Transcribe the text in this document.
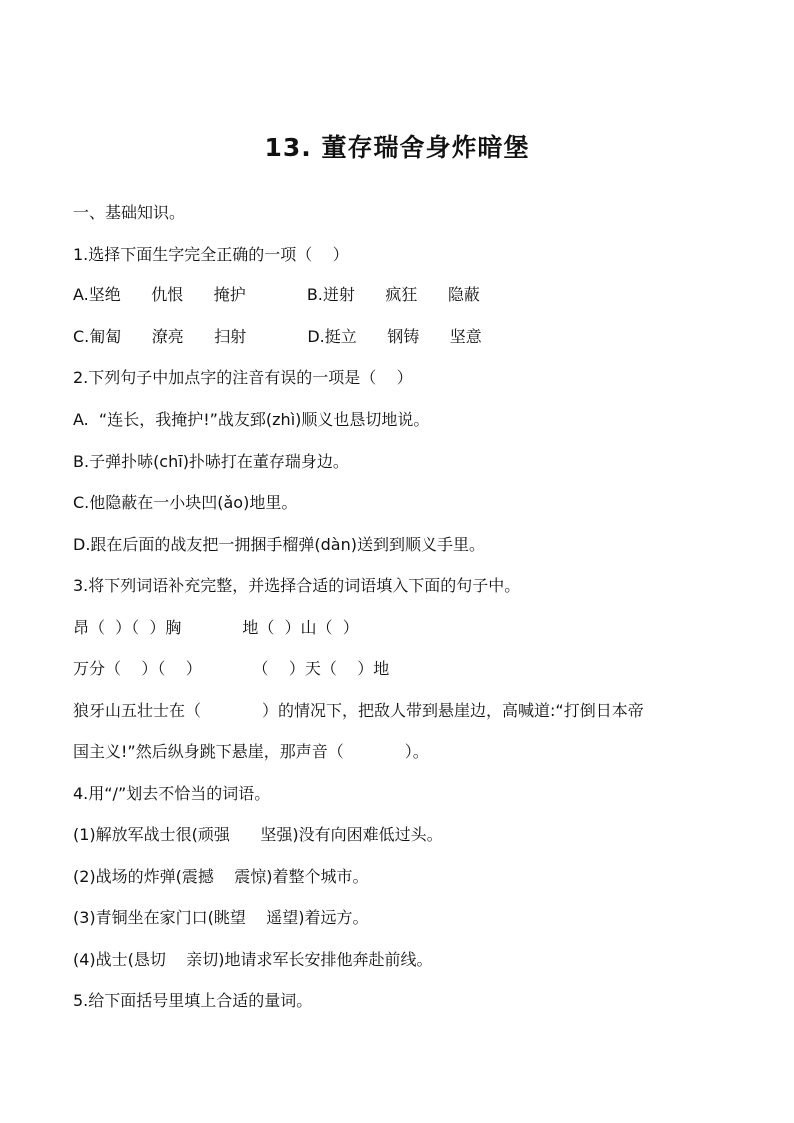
13. 董存瑞舍身炸暗堡
一、基础知识。
1.选择下面生字完全正确的一项（    ）
A.坚绝      仇恨      掩护            B.迸射      疯狂      隐蔽
C.匍匐      潦亮      扫射            D.挺立      钢铸      坚意
2.下列句子中加点字的注音有误的一项是（    ）
A.  “连长，我掩护!”战友郅(zhì)顺义也恳切地说。
B.子弹扑哧(chī)扑哧打在董存瑞身边。
C.他隐蔽在一小块凹(ǎo)地里。
D.跟在后面的战友把一拥捆手榴弹(dàn)送到到顺义手里。
3.将下列词语补充完整，并选择合适的词语填入下面的句子中。
昂（  ）（  ）胸            地（  ）山（  ）
万分（    ）（    ）          （    ）天（    ）地
狼牙山五壮士在（            ）的情况下，把敌人带到悬崖边，高喊道:“打倒日本帝
国主义!”然后纵身跳下悬崖，那声音（            ）。
4.用“/”划去不恰当的词语。
(1)解放军战士很(顽强      坚强)没有向困难低过头。
(2)战场的炸弹(震撼    震惊)着整个城市。
(3)青铜坐在家门口(眺望    遥望)着远方。
(4)战士(恳切    亲切)地请求军长安排他奔赴前线。
5.给下面括号里填上合适的量词。
